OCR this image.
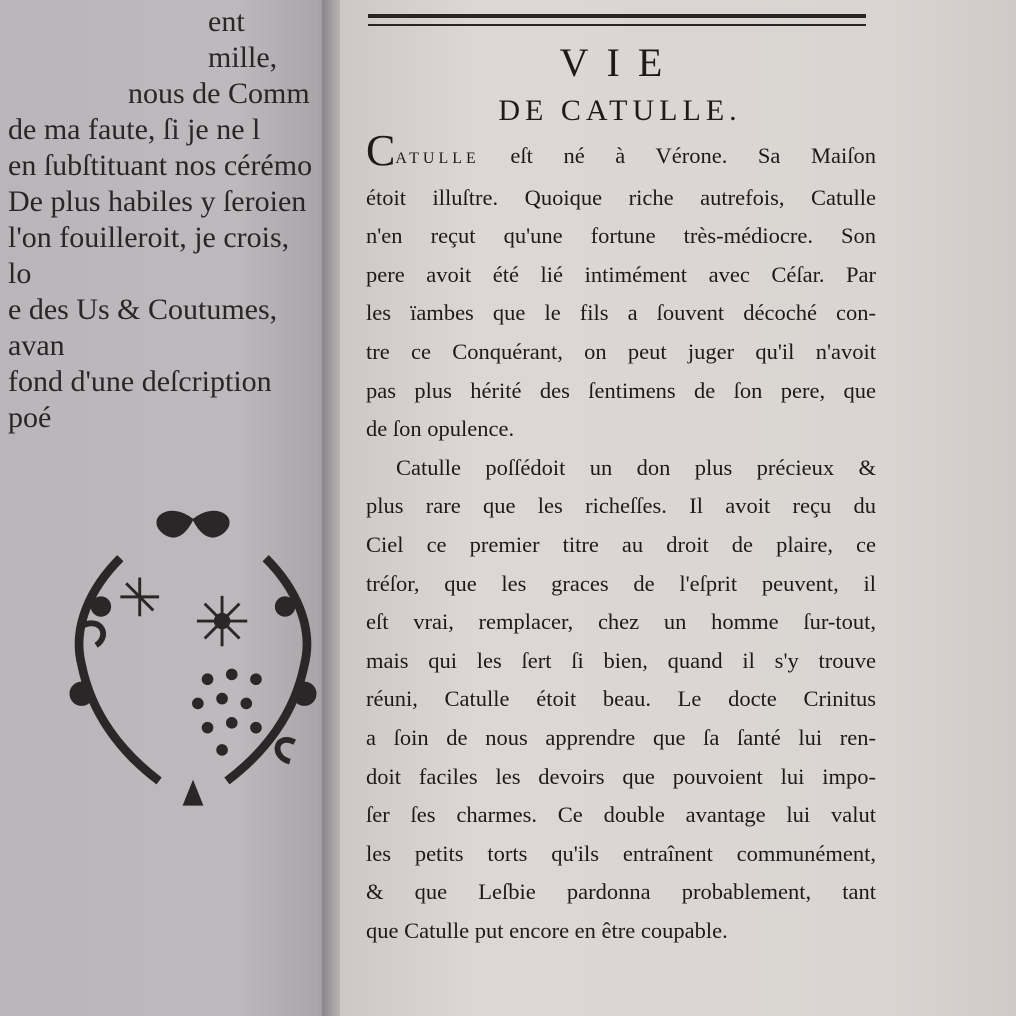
ent mille,
nous de Comm
de ma faute, ſi je ne l
en ſubſtituant nos cérémo
De plus habiles y ſeroien
l'on fouilleroit, je crois, lo
e des Us & Coutumes, avan
fond d'une deſcription poé
VIE
DE CATULLE.
CATULLE eſt né à Vérone. Sa Maiſon
étoit illuſtre. Quoique riche autrefois, Catulle
n'en reçut qu'une fortune très-médiocre. Son
pere avoit été lié intimément avec Céſar. Par
les ïambes que le fils a ſouvent décoché con-
tre ce Conquérant, on peut juger qu'il n'avoit
pas plus hérité des ſentimens de ſon pere, que
de ſon opulence.
Catulle poſſédoit un don plus précieux &
plus rare que les richeſſes. Il avoit reçu du
Ciel ce premier titre au droit de plaire, ce
tréſor, que les graces de l'eſprit peuvent, il
eſt vrai, remplacer, chez un homme ſur-tout,
mais qui les ſert ſi bien, quand il s'y trouve
réuni, Catulle étoit beau. Le docte Crinitus
a ſoin de nous apprendre que ſa ſanté lui ren-
doit faciles les devoirs que pouvoient lui impo-
ſer ſes charmes. Ce double avantage lui valut
les petits torts qu'ils entraînent communément,
& que Leſbie pardonna probablement, tant
que Catulle put encore en être coupable.
